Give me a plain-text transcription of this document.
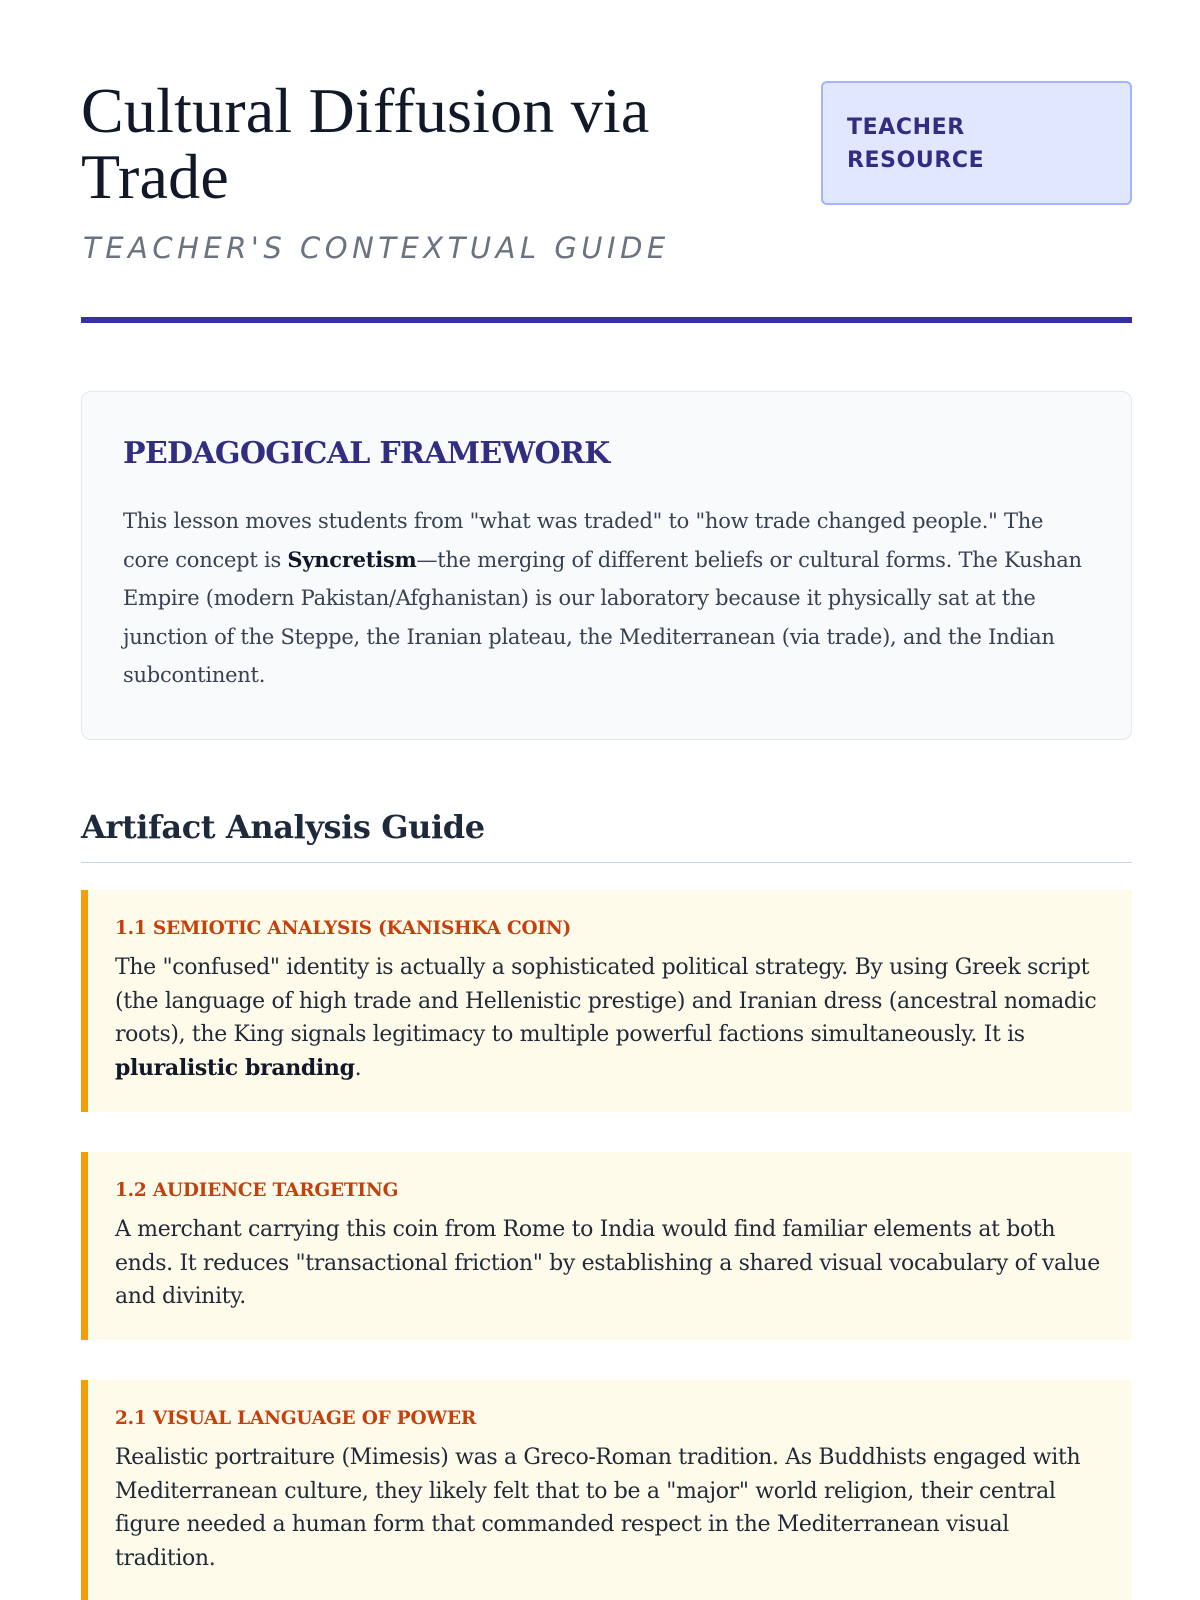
Cultural Diffusion via Trade
TEACHER'S CONTEXTUAL GUIDE
TEACHER
RESOURCE
PEDAGOGICAL FRAMEWORK

This lesson moves students from "what was traded" to "how trade changed people." The core concept is Syncretism—the merging of different beliefs or cultural forms. The Kushan Empire (modern Pakistan/Afghanistan) is our laboratory because it physically sat at the junction of the Steppe, the Iranian plateau, the Mediterranean (via trade), and the Indian subcontinent.

Artifact Analysis Guide
1.1 SEMIOTIC ANALYSIS (KANISHKA COIN)

The "confused" identity is actually a sophisticated political strategy. By using Greek script (the language of high trade and Hellenistic prestige) and Iranian dress (ancestral nomadic roots), the King signals legitimacy to multiple powerful factions simultaneously. It is pluralistic branding.

1.2 AUDIENCE TARGETING

A merchant carrying this coin from Rome to India would find familiar elements at both ends. It reduces "transactional friction" by establishing a shared visual vocabulary of value and divinity.

2.1 VISUAL LANGUAGE OF POWER

Realistic portraiture (Mimesis) was a Greco-Roman tradition. As Buddhists engaged with Mediterranean culture, they likely felt that to be a "major" world religion, their central figure needed a human form that commanded respect in the Mediterranean visual tradition.
